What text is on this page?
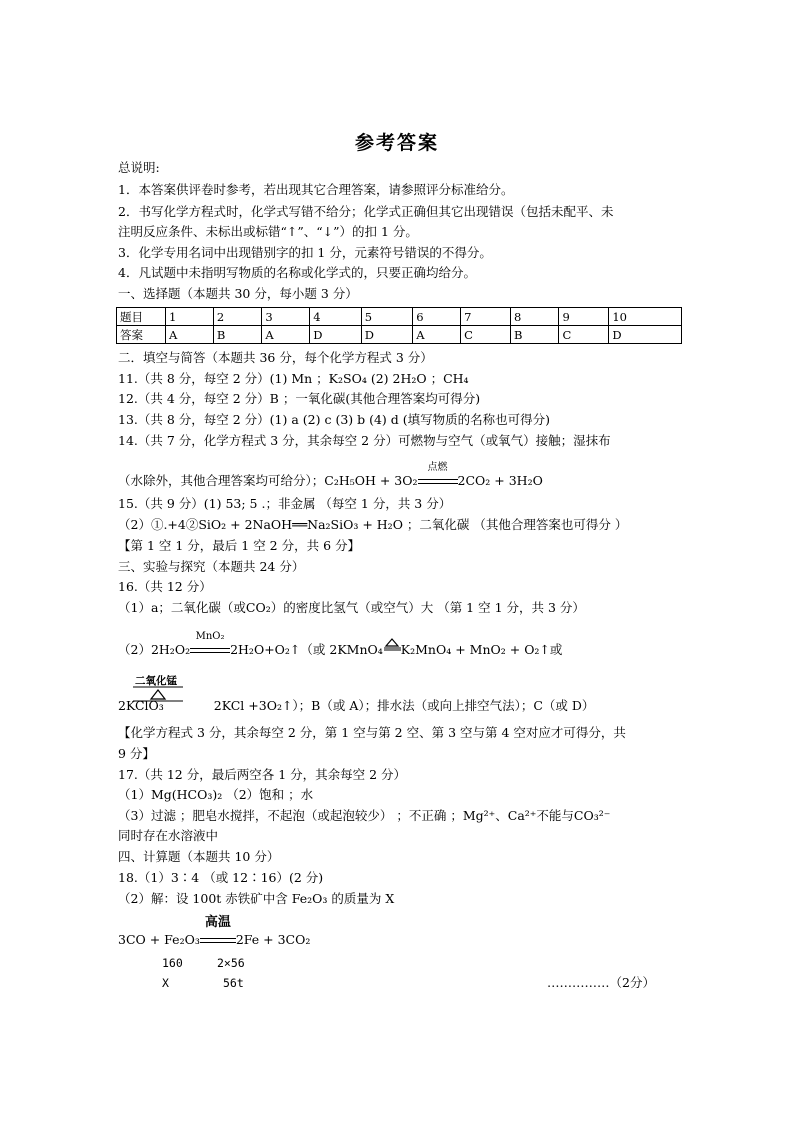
参考答案
总说明:
1．本答案供评卷时参考，若出现其它合理答案，请参照评分标准给分。
2．书写化学方程式时，化学式写错不给分；化学式正确但其它出现错误（包括未配平、未
注明反应条件、未标出或标错“↑”、“↓”）的扣 1 分。
3．化学专用名词中出现错别字的扣 1 分，元素符号错误的不得分。
4．凡试题中未指明写物质的名称或化学式的，只要正确均给分。
一、选择题（本题共 30 分，每小题 3 分）
题目	1	2	3	4	5	6	7	8	9	10
答案	A	B	A	D	D	A	C	B	C	D
二．填空与简答（本题共 36 分，每个化学方程式 3 分）
11.（共 8 分，每空 2 分）(1) Mn ；K₂SO₄ (2) 2H₂O ；CH₄
12.（共 4 分，每空 2 分）B ；一氧化碳(其他合理答案均可得分)
13.（共 8 分，每空 2 分）(1) a (2) c (3) b (4) d (填写物质的名称也可得分)
14.（共 7 分，化学方程式 3 分，其余每空 2 分）可燃物与空气（或氧气）接触；湿抹布
（水除外，其他合理答案均可给分）；C₂H₅OH + 3O₂
点燃
2CO₂ + 3H₂O
15.（共 9 分）(1) 53; 5 .；非金属 （每空 1 分，共 3 分）
（2）①.+4②SiO₂ + 2NaOH══Na₂SiO₃ + H₂O ；二氧化碳 （其他合理答案也可得分 ）
【第 1 空 1 分，最后 1 空 2 分，共 6 分】
三、实验与探究（本题共 24 分）
16.（共 12 分）
（1）a；二氧化碳（或CO₂）的密度比氢气（或空气）大 （第 1 空 1 分，共 3 分）
（2）2H₂O₂
MnO₂
2H₂O+O₂↑（或 2KMnO₄ K₂MnO₄ + MnO₂ + O₂↑或
二氧化锰
2KClO₃	2KCl +3O₂↑）；B（或 A）；排水法（或向上排空气法）；C（或 D）
【化学方程式 3 分，其余每空 2 分，第 1 空与第 2 空、第 3 空与第 4 空对应才可得分，共
9 分】
17.（共 12 分，最后两空各 1 分，其余每空 2 分）
（1）Mg(HCO₃)₂ （2）饱和 ；水
（3）过滤 ；肥皂水搅拌，不起泡（或起泡较少） ；不正确 ；Mg²⁺、Ca²⁺不能与CO₃²⁻
同时存在水溶液中
四、计算题（本题共 10 分）
18.（1）3∶4 （或 12∶16）(2 分)
（2）解：设 100t 赤铁矿中含 Fe₂O₃ 的质量为 X
3CO + Fe₂O₃
高温
2Fe + 3CO₂
160	2×56
X	56t	……………（2分）
